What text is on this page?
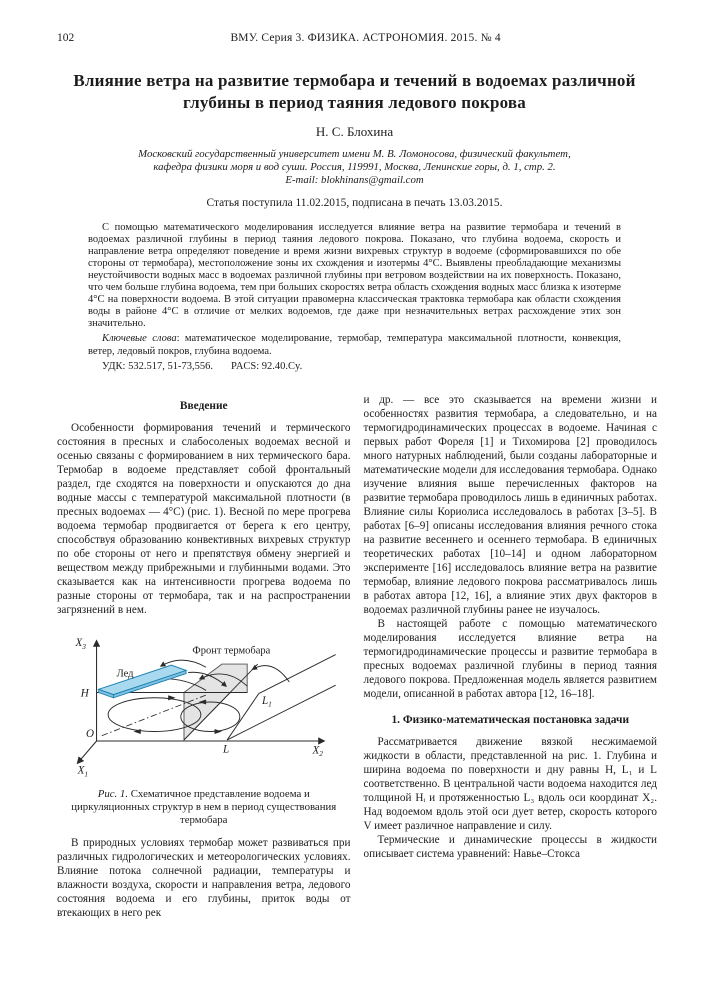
102	ВМУ. Серия 3. ФИЗИКА. АСТРОНОМИЯ. 2015. № 4
Влияние ветра на развитие термобара и течений в водоемах различной глубины в период таяния ледового покрова
Н. С. Блохина
Московский государственный университет имени М. В. Ломоносова, физический факультет,
кафедра физики моря и вод суши. Россия, 119991, Москва, Ленинские горы, д. 1, стр. 2.
E-mail: blokhinans@gmail.com
Статья поступила 11.02.2015, подписана в печать 13.03.2015.
С помощью математического моделирования исследуется влияние ветра на развитие термобара и течений в водоемах различной глубины в период таяния ледового покрова. Показано, что глубина водоема, скорость и направление ветра определяют поведение и время жизни вихревых структур в водоеме (сформировавшихся по обе стороны от термобара), местоположение зоны их схождения и изотермы 4°С. Выявлены преобладающие механизмы неустойчивости водных масс в водоемах различной глубины при ветровом воздействии на их поверхность. Показано, что чем больше глубина водоема, тем при больших скоростях ветра область схождения водных масс близка к изотерме 4°С на поверхности водоема. В этой ситуации правомерна классическая трактовка термобара как области схождения воды в районе 4°С в отличие от мелких водоемов, где даже при незначительных ветрах расхождение этих зон значительно.
Ключевые слова: математическое моделирование, термобар, температура максимальной плотности, конвекция, ветер, ледовый покров, глубина водоема.
УДК: 532.517, 51-73,556. PACS: 92.40.Cy.
Введение

Особенности формирования течений и термического состояния в пресных и слабосоленых водоемах весной и осенью связаны с формированием в них термического бара. Термобар в водоеме представляет собой фронтальный раздел, где сходятся на поверхности и опускаются до дна водные массы с температурой максимальной плотности (в пресных водоемах — 4°С) (рис. 1). Весной по мере прогрева водоема термобар продвигается от берега к его центру, способствуя образованию конвективных вихревых структур по обе стороны от него и препятствуя обмену энергией и веществом между прибрежными и глубинными водами. Это сказывается как на интенсивности прогрева водоема по разные стороны от термобара, так и на распространении загрязнений в нем.

$X_3$
$X_1$
$X_2$
H
O
L
$L_1$
Лед
Фронт термобара
Рис. 1. Схематичное представление водоема и циркуляционных структур в нем в период существования термобара

В природных условиях термобар может развиваться при различных гидрологических и метеорологических условиях. Влияние потока солнечной радиации, температуры и влажности воздуха, скорости и направления ветра, ледового состояния водоема и его глубины, приток воды от втекающих в него рек

и др. — все это сказывается на времени жизни и особенностях развития термобара, а следовательно, и на термогидродинамических процессах в водоеме. Начиная с первых работ Фореля [1] и Тихомирова [2] проводилось много натурных наблюдений, были созданы лабораторные и математические модели для исследования термобара. Однако изучение влияния выше перечисленных факторов на развитие термобара проводилось лишь в единичных работах. Влияние силы Кориолиса исследовалось в работах [3–5]. В работах [6–9] описаны исследования влияния речного стока на развитие весеннего и осеннего термобара. В единичных теоретических работах [10–14] и одном лабораторном эксперименте [16] исследовалось влияние ветра на развитие термобар, влияние ледового покрова рассматривалось лишь в работах автора [12, 16], а влияние этих двух факторов в водоемах различной глубины ранее не изучалось.

В настоящей работе с помощью математического моделирования исследуется влияние ветра на термогидродинамические процессы и развитие термобара в пресных водоемах различной глубины в период таяния ледового покрова. Предложенная модель является развитием модели, описанной в работах автора [12, 16–18].

1. Физико-математическая постановка задачи

Рассматривается движение вязкой несжимаемой жидкости в области, представленной на рис. 1. Глубина и ширина водоема по поверхности и дну равны H, L₁ и L соответственно. В центральной части водоема находится лед толщиной Hᵢ и протяженностью L₃ вдоль оси координат X₂. Над водоемом вдоль этой оси дует ветер, скорость которого V имеет различное направление и силу.

Термические и динамические процессы в жидкости описывает система уравнений: Навье–Стокса
